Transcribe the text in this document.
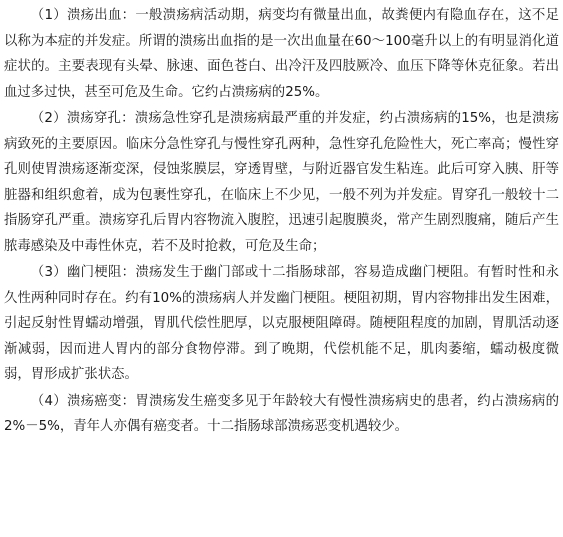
（1）溃疡出血：一般溃疡病活动期，病变均有微量出血，故粪便内有隐血存在，这不足以称为本症的并发症。所谓的溃疡出血指的是一次出血量在60～100毫升以上的有明显消化道症状的。主要表现有头晕、脉速、面色苍白、出冷汗及四肢厥冷、血压下降等休克征象。若出血过多过快，甚至可危及生命。它约占溃疡病的25%。

（2）溃疡穿孔：溃疡急性穿孔是溃疡病最严重的并发症，约占溃疡病的15%，也是溃疡病致死的主要原因。临床分急性穿孔与慢性穿孔两种，急性穿孔危险性大，死亡率高；慢性穿孔则使胃溃疡逐渐変深，侵蚀浆膜层，穿透胃壁，与附近器官发生粘连。此后可穿入胰、肝等脏器和组织愈着，成为包裹性穿孔，在临床上不少见，一般不列为并发症。胃穿孔一般较十二指肠穿孔严重。溃疡穿孔后胃内容物流入腹腔，迅速引起腹膜炎，常产生剧烈腹痛，随后产生脓毒感染及中毒性休克，若不及时抢救，可危及生命；

（3）幽门梗阻：溃疡发生于幽门部或十二指肠球部，容易造成幽门梗阻。有暂时性和永久性两种同时存在。约有10%的溃疡病人并发幽门梗阻。梗阻初期，胃内容物排出发生困难，引起反射性胃蠕动增强，胃肌代偿性肥厚，以克服梗阻障碍。随梗阻程度的加剧，胃肌活动逐渐减弱，因而进人胃内的部分食物停滞。到了晚期，代偿机能不足，肌肉萎缩，蠕动极度微弱，胃形成扩张状态。

（4）溃疡癌变：胃溃疡发生癌变多见于年龄较大有慢性溃疡病史的患者，约占溃疡病的2%－5%，青年人亦偶有癌变者。十二指肠球部溃疡恶变机遇较少。
